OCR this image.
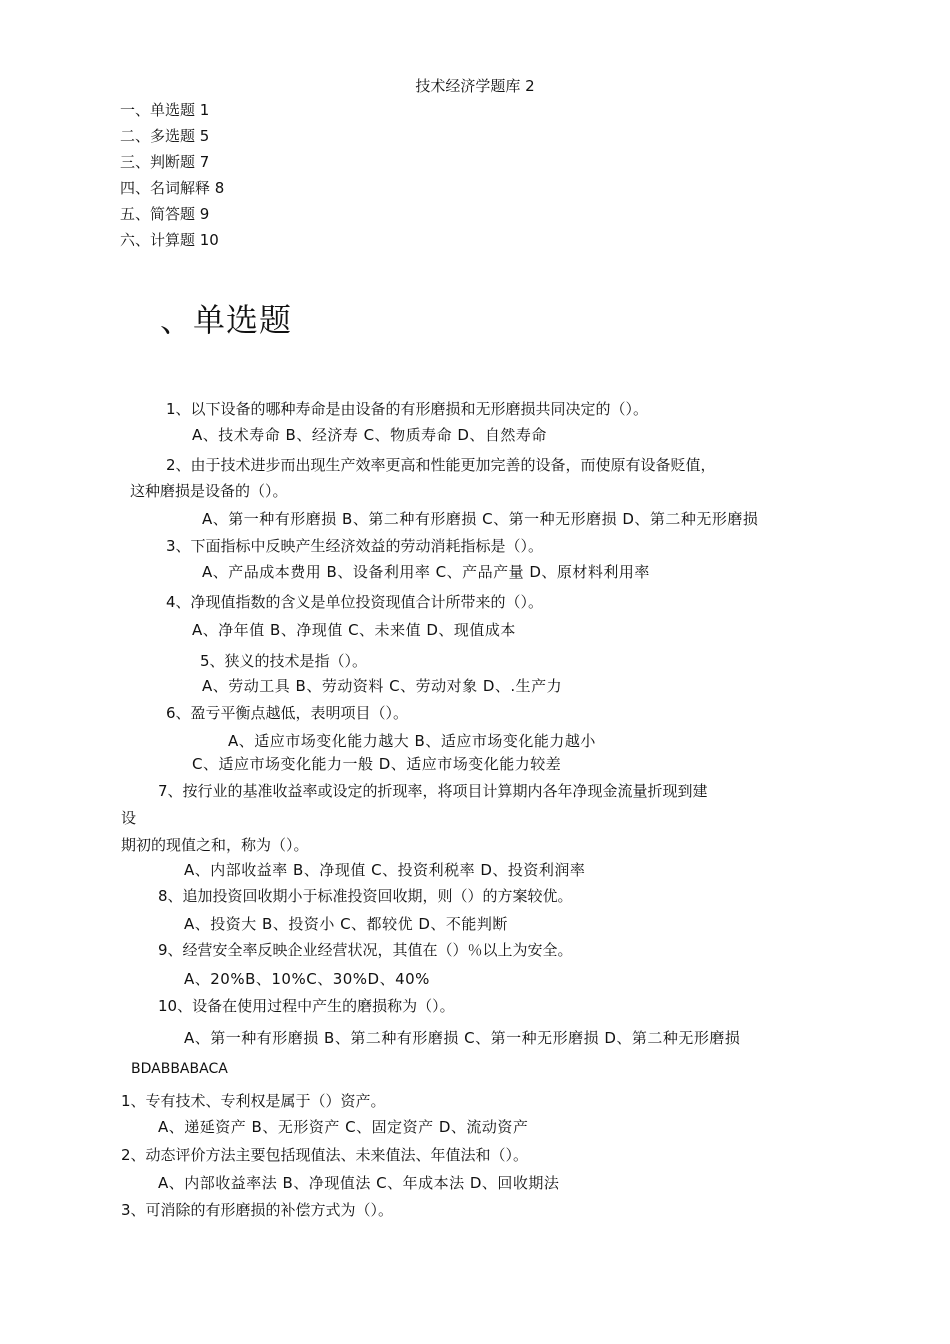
技术经济学题库 2
一、单选题 1
二、多选题 5
三、判断题 7
四、名词解释 8
五、简答题 9
六、计算题 10
、单选题
1、以下设备的哪种寿命是由设备的有形磨损和无形磨损共同决定的（）。
A、技术寿命 B、经济寿 C、物质寿命 D、自然寿命
2、由于技术进步而出现生产效率更高和性能更加完善的设备，而使原有设备贬值，
这种磨损是设备的（）。
A、第一种有形磨损 B、第二种有形磨损 C、第一种无形磨损 D、第二种无形磨损
3、下面指标中反映产生经济效益的劳动消耗指标是（）。
A、产品成本费用 B、设备利用率 C、产品产量 D、原材料利用率
4、净现值指数的含义是单位投资现值合计所带来的（）。
A、净年值 B、净现值 C、未来值 D、现值成本
5、狭义的技术是指（）。
A、劳动工具 B、劳动资料 C、劳动对象 D、.生产力
6、盈亏平衡点越低，表明项目（）。
A、适应市场变化能力越大 B、适应市场变化能力越小
C、适应市场变化能力一般 D、适应市场变化能力较差
7、按行业的基准收益率或设定的折现率，将项目计算期内各年净现金流量折现到建
设
期初的现值之和，称为（）。
A、内部收益率 B、净现值 C、投资利税率 D、投资利润率
8、追加投资回收期小于标准投资回收期，则（）的方案较优。
A、投资大 B、投资小 C、都较优 D、不能判断
9、经营安全率反映企业经营状况，其值在（）％以上为安全。
A、20%B、10%C、30%D、40%
10、设备在使用过程中产生的磨损称为（）。
A、第一种有形磨损 B、第二种有形磨损 C、第一种无形磨损 D、第二种无形磨损
BDABBABACA
1、专有技术、专利权是属于（）资产。
A、递延资产 B、无形资产 C、固定资产 D、流动资产
2、动态评价方法主要包括现值法、未来值法、年值法和（）。
A、内部收益率法 B、净现值法 C、年成本法 D、回收期法
3、可消除的有形磨损的补偿方式为（）。
